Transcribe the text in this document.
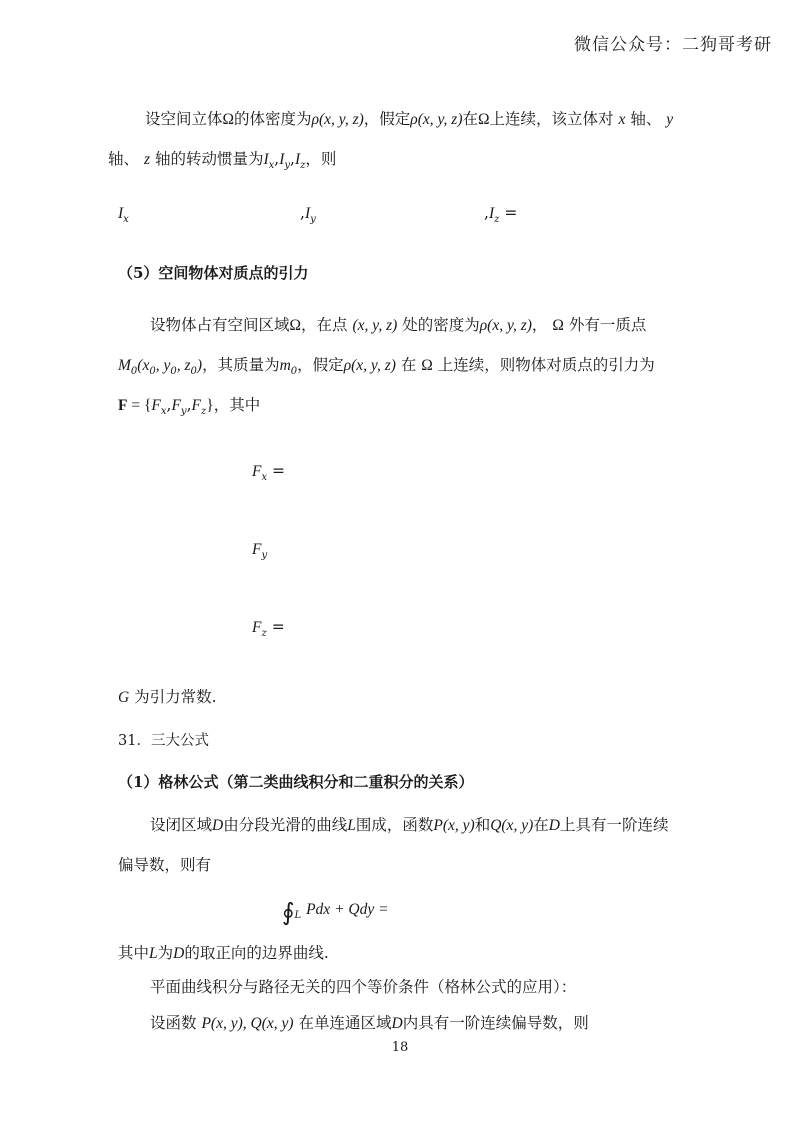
微信公众号：二狗哥考研
设空间立体Ω的体密度为ρ(x, y, z)，假定ρ(x, y, z)在Ω上连续，该立体对 x 轴、 y
轴、 z 轴的转动惯量为$I_x,I_y,I_z$，则
$I_x$	$,I_y$	$,I_z$ =
（5）空间物体对质点的引力
设物体占有空间区域Ω，在点 (x, y, z) 处的密度为ρ(x, y, z)， Ω 外有一质点
$M_0(x_0$, $y_0$, $z_0$)，其质量为$m_0$，假定ρ(x, y, z) 在 Ω 上连续，则物体对质点的引力为
$F = \{F_x,F_y,F_z\}$，其中
$F_x$ =
$F_y$
$F_z$ =
G 为引力常数.
31．三大公式
（1）格林公式（第二类曲线积分和二重积分的关系）
设闭区域D由分段光滑的曲线L围成，函数P(x, y)和Q(x, y)在D上具有一阶连续
偏导数，则有
$∮_L$ Pdx + Qdy =
其中L为D的取正向的边界曲线.
平面曲线积分与路径无关的四个等价条件（格林公式的应用）：
设函数 P(x, y), Q(x, y) 在单连通区域D内具有一阶连续偏导数，则
18
